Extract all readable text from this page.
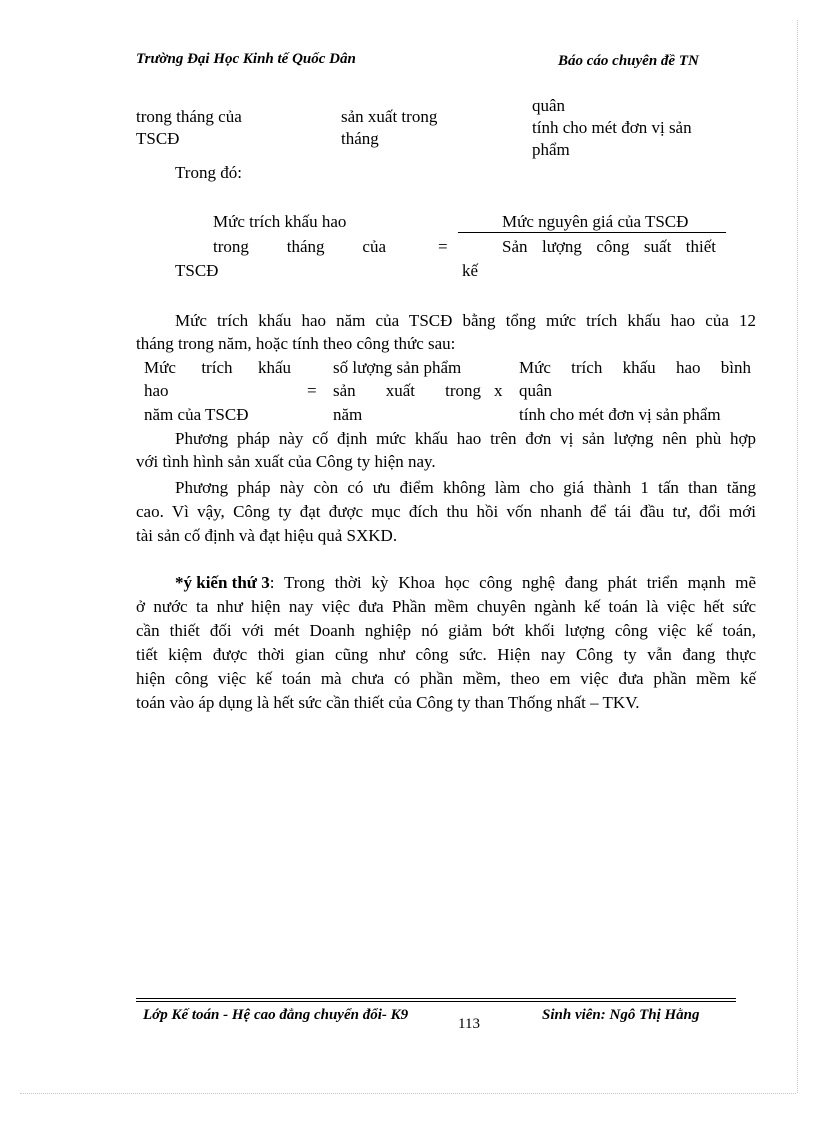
Trường Đại Học Kinh tế Quốc Dân	Báo cáo chuyên đề TN
trong tháng của
TSCĐ
sản xuất trong
tháng
quân
tính cho mét đơn vị sản
phẩm
Trong đó:
Mức trích khấu hao
trong tháng của
TSCĐ
=
Mức nguyên giá của TSCĐ
Sản lượng công suất thiết
kế
Mức trích khấu hao năm của TSCĐ bằng tổng mức trích khấu hao của 12
tháng trong năm, hoặc tính theo công thức sau:
Mức trích khấu
hao
năm của TSCĐ
=
số lượng sản phẩm
sản xuất trong
năm
x
Mức trích khấu hao bình
quân
tính cho mét đơn vị sản phẩm
Phương pháp này cố định mức khấu hao trên đơn vị sản lượng nên phù hợp
với tình hình sản xuất của Công ty hiện nay.
Phương pháp này còn có ưu điểm không làm cho giá thành 1 tấn than tăng
cao. Vì vậy, Công ty đạt được mục đích thu hồi vốn nhanh để tái đầu tư, đổi mới
tài sản cố định và đạt hiệu quả SXKD.
*ý kiến thứ 3 : Trong thời kỳ Khoa học công nghệ đang phát triển mạnh mẽ
ở nước ta như hiện nay việc đưa Phần mềm chuyên ngành kế toán là việc hết sức
cần thiết đối với mét Doanh nghiệp nó giảm bớt khối lượng công việc kế toán,
tiết kiệm được thời gian cũng như công sức. Hiện nay Công ty vẫn đang thực
hiện công việc kế toán mà chưa có phần mềm, theo em việc đưa phần mềm kế
toán vào áp dụng là hết sức cần thiết của Công ty than Thống nhất – TKV.
Lớp Kế toán - Hệ cao đẳng chuyển đổi- K9
113
Sinh viên: Ngô Thị Hằng
